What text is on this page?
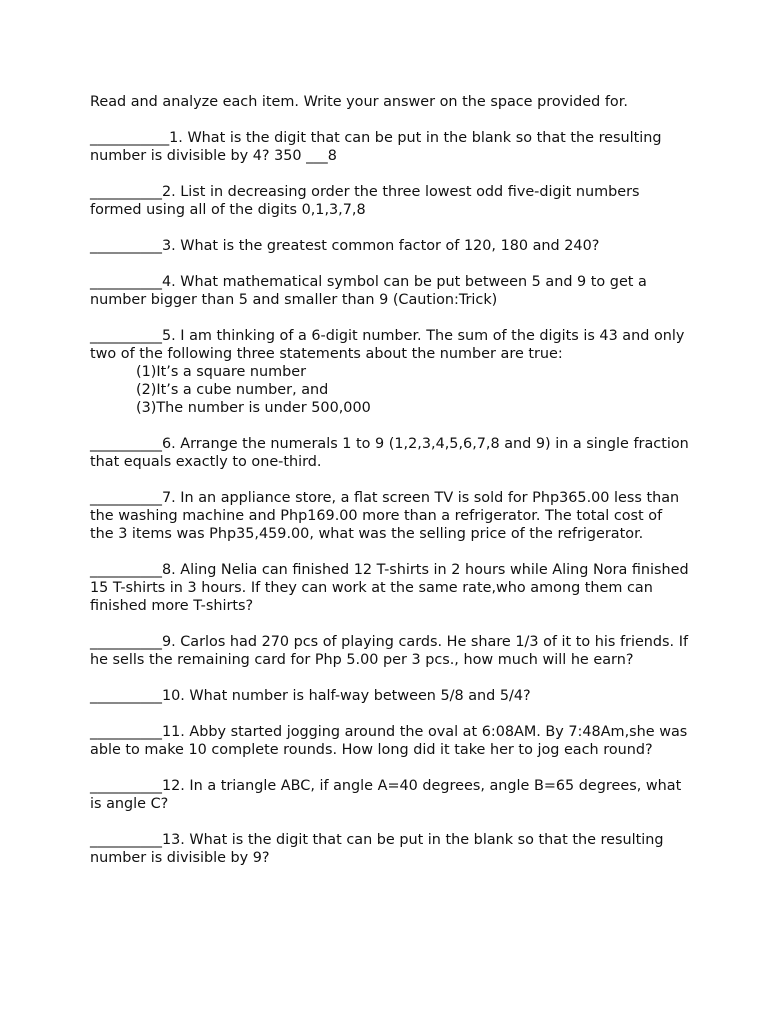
Read and analyze each item. Write your answer on the space provided for.

___________1. What is the digit that can be put in the blank so that the resulting number is divisible by 4? 350 ___8

__________2. List in decreasing order the three lowest odd five-digit numbers formed using all of the digits 0,1,3,7,8

__________3. What is the greatest common factor of 120, 180 and 240?

__________4. What mathematical symbol can be put between 5 and 9 to get a number bigger than 5 and smaller than 9 (Caution:Trick)

__________5. I am thinking of a 6-digit number. The sum of the digits is 43 and only two of the following three statements about the number are true:

(1)It’s a square number
(2)It’s a cube number, and
(3)The number is under 500,000

__________6. Arrange the numerals 1 to 9 (1,2,3,4,5,6,7,8 and 9) in a single fraction that equals exactly to one-third.

__________7. In an appliance store, a flat screen TV is sold for Php365.00 less than the washing machine and Php169.00 more than a refrigerator. The total cost of the 3 items was Php35,459.00, what was the selling price of the refrigerator.

__________8. Aling Nelia can finished 12 T-shirts in 2 hours while Aling Nora finished 15 T-shirts in 3 hours. If they can work at the same rate,who among them can finished more T-shirts?

__________9. Carlos had 270 pcs of playing cards. He share 1/3 of it to his friends. If he sells the remaining card for Php 5.00 per 3 pcs., how much will he earn?

__________10. What number is half-way between 5/8 and 5/4?

__________11. Abby started jogging around the oval at 6:08AM. By 7:48Am,she was able to make 10 complete rounds. How long did it take her to jog each round?

__________12. In a triangle ABC, if angle A=40 degrees, angle B=65 degrees, what is angle C?

__________13. What is the digit that can be put in the blank so that the resulting number is divisible by 9?
